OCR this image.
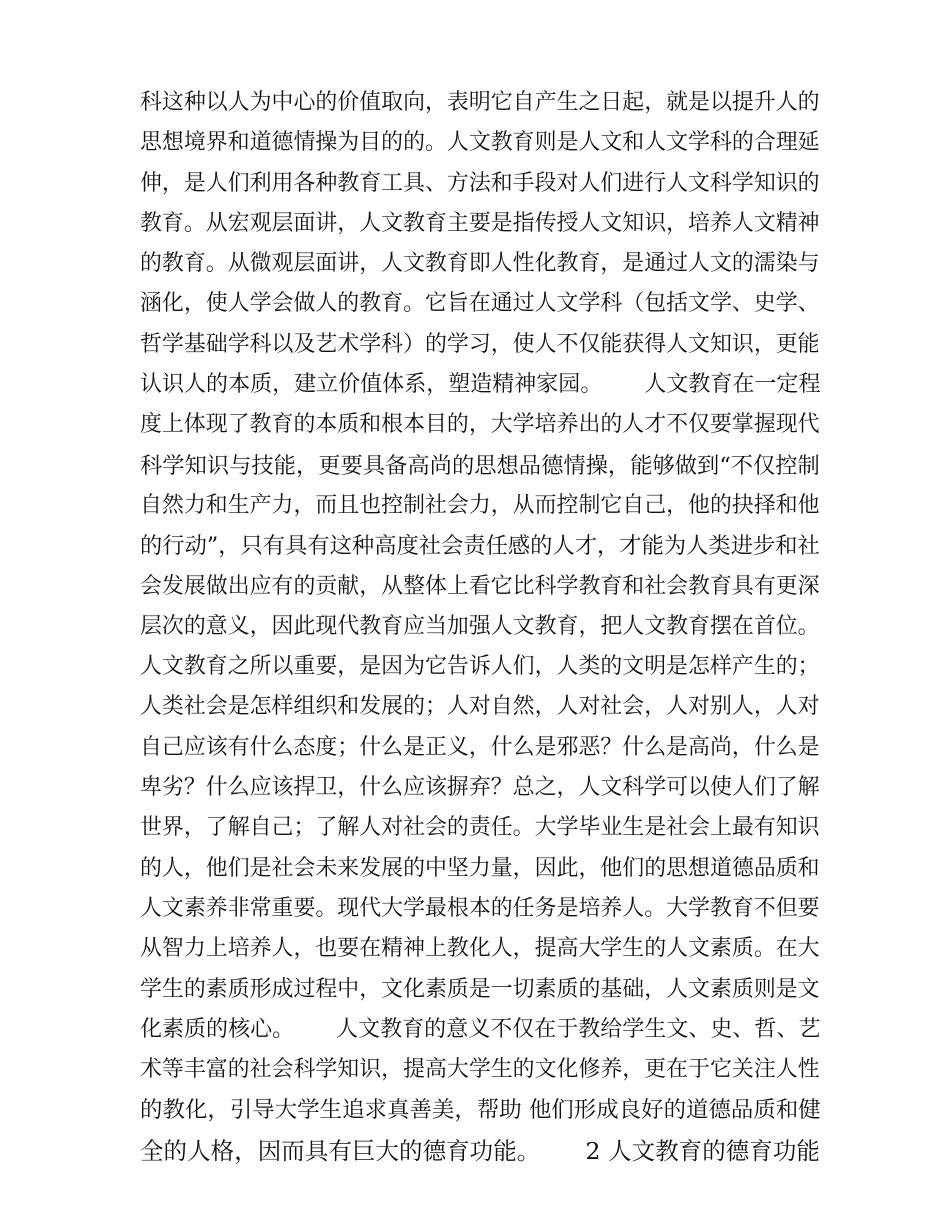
科 这 种 以 人 为 中 心 的 价 值 取 向 ， 表 明 它 自 产 生 之 日 起 ， 就 是 以 提 升 人 的
思 想 境 界 和 道 德 情 操 为 目 的 的 。 人 文 教 育 则 是 人 文 和 人 文 学 科 的 合 理 延
伸 ， 是 人 们 利 用 各 种 教 育 工 具 、 方 法 和 手 段 对 人 们 进 行 人 文 科 学 知 识 的
教 育 。 从 宏 观 层 面 讲 ， 人 文 教 育 主 要 是 指 传 授 人 文 知 识 ， 培 养 人 文 精 神
的 教 育 。 从 微 观 层 面 讲 ， 人 文 教 育 即 人 性 化 教 育 ， 是 通 过 人 文 的 濡 染 与
涵 化 ， 使 人 学 会 做 人 的 教 育 。 它 旨 在 通 过 人 文 学 科 （ 包 括 文 学 、 史 学 、
哲 学 基 础 学 科 以 及 艺 术 学 科 ） 的 学 习 ， 使 人 不 仅 能 获 得 人 文 知 识 ， 更 能
认 识 人 的 本 质 ， 建 立 价 值 体 系 ， 塑 造 精 神 家 园 。

人 文 教 育 在 一 定 程
度 上 体 现 了 教 育 的 本 质 和 根 本 目 的 ， 大 学 培 养 出 的 人 才 不 仅 要 掌 握 现 代
科 学 知 识 与 技 能 ， 更 要 具 备 高 尚 的 思 想 品 德 情 操 ， 能 够 做 到 “ 不 仅 控 制
自 然 力 和 生 产 力 ， 而 且 也 控 制 社 会 力 ， 从 而 控 制 它 自 己 ， 他 的 抉 择 和 他
的 行 动 ” ， 只 有 具 有 这 种 高 度 社 会 责 任 感 的 人 才 ， 才 能 为 人 类 进 步 和 社
会 发 展 做 出 应 有 的 贡 献 ， 从 整 体 上 看 它 比 科 学 教 育 和 社 会 教 育 具 有 更 深
层 次 的 意 义 ， 因 此 现 代 教 育 应 当 加 强 人 文 教 育 ， 把 人 文 教 育 摆 在 首 位 。
人 文 教 育 之 所 以 重 要 ， 是 因 为 它 告 诉 人 们 ， 人 类 的 文 明 是 怎 样 产 生 的 ；
人 类 社 会 是 怎 样 组 织 和 发 展 的 ； 人 对 自 然 ， 人 对 社 会 ， 人 对 别 人 ， 人 对
自 己 应 该 有 什 么 态 度 ； 什 么 是 正 义 ， 什 么 是 邪 恶 ？ 什 么 是 高 尚 ， 什 么 是
卑 劣 ？ 什 么 应 该 捍 卫 ， 什 么 应 该 摒 弃 ？ 总 之 ， 人 文 科 学 可 以 使 人 们 了 解
世 界 ， 了 解 自 己 ； 了 解 人 对 社 会 的 责 任 。 大 学 毕 业 生 是 社 会 上 最 有 知 识
的 人 ， 他 们 是 社 会 未 来 发 展 的 中 坚 力 量 ， 因 此 ， 他 们 的 思 想 道 德 品 质 和
人 文 素 养 非 常 重 要 。 现 代 大 学 最 根 本 的 任 务 是 培 养 人 。 大 学 教 育 不 但 要
从 智 力 上 培 养 人 ， 也 要 在 精 神 上 教 化 人 ， 提 高 大 学 生 的 人 文 素 质 。 在 大
学 生 的 素 质 形 成 过 程 中 ， 文 化 素 质 是 一 切 素 质 的 基 础 ， 人 文 素 质 则 是 文
化 素 质 的 核 心 。

人 文 教 育 的 意 义 不 仅 在 于 教 给 学 生 文 、 史 、 哲 、 艺
术 等 丰 富 的 社 会 科 学 知 识 ， 提 高 大 学 生 的 文 化 修 养 ， 更 在 于 它 关 注 人 性
的 教 化 ， 引 导 大 学 生 追 求 真 善 美 ， 帮 助
他 们 形 成 良 好 的 道 德 品 质 和 健
全 的 人 格 ， 因 而 具 有 巨 大 的 德 育 功 能 。

2
人 文 教 育 的 德 育 功 能
